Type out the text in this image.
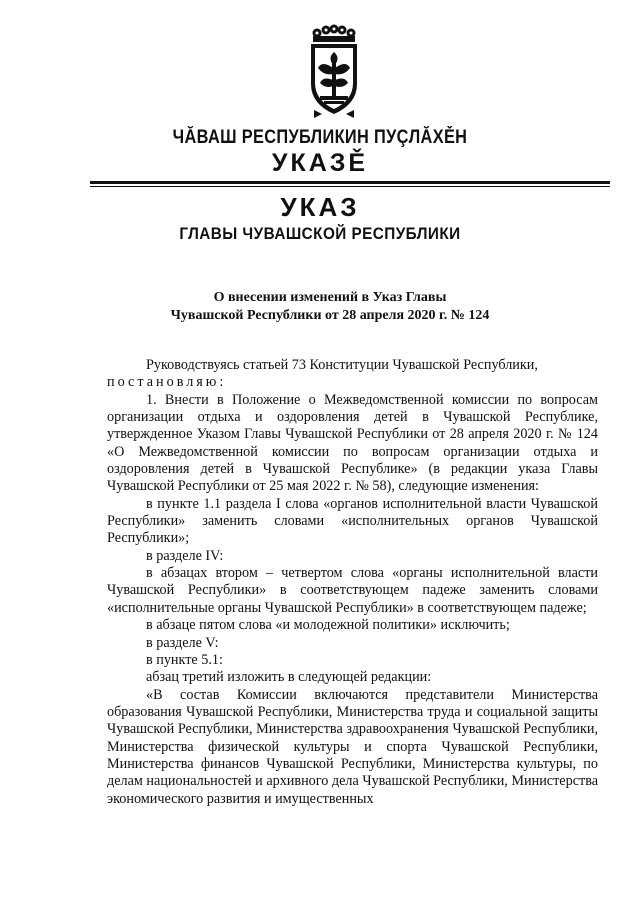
ЧĂВАШ РЕСПУБЛИКИН ПУÇЛĂХĚН
УКАЗĚ
УКАЗ
ГЛАВЫ ЧУВАШСКОЙ РЕСПУБЛИКИ
О внесении изменений в Указ Главы
Чувашской Республики от 28 апреля 2020 г. № 124

Руководствуясь статьей 73 Конституции Чувашской Республики,

постановляю:

1. Внести в Положение о Межведомственной комиссии по вопросам организации отдыха и оздоровления детей в Чувашской Республике, утвержденное Указом Главы Чувашской Республики от 28 апреля 2020 г. № 124 «О Межведомственной комиссии по вопросам организации отдыха и оздоровления детей в Чувашской Республике» (в редакции указа Главы Чувашской Республики от 25 мая 2022 г. № 58), следующие изменения:

в пункте 1.1 раздела I слова «органов исполнительной власти Чувашской Республики» заменить словами «исполнительных органов Чувашской Республики»;

в разделе IV:

в абзацах втором – четвертом слова «органы исполнительной власти Чувашской Республики» в соответствующем падеже заменить словами «исполнительные органы Чувашской Республики» в соответствующем падеже;

в абзаце пятом слова «и молодежной политики» исключить;

в разделе V:

в пункте 5.1:

абзац третий изложить в следующей редакции:

«В состав Комиссии включаются представители Министерства образования Чувашской Республики, Министерства труда и социальной защиты Чувашской Республики, Министерства здравоохранения Чувашской Республики, Министерства физической культуры и спорта Чувашской Республики, Министерства финансов Чувашской Республики, Министерства культуры, по делам национальностей и архивного дела Чувашской Республики, Министерства экономического развития и имущественных
